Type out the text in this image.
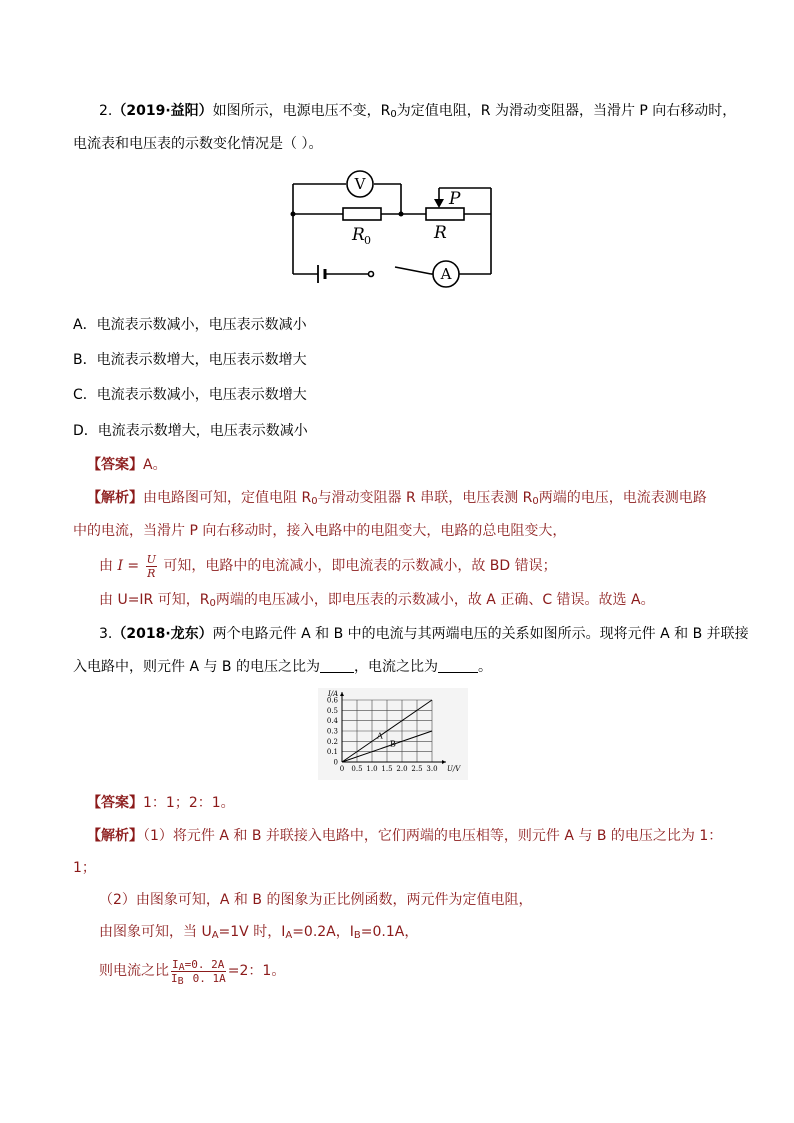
2.（2019·益阳）如图所示，电源电压不变，$R_0$为定值电阻，R 为滑动变阻器，当滑片 P 向右移动时，
电流表和电压表的示数变化情况是（ ）。
V
A
P
R 0	R
A．电流表示数减小，电压表示数减小
B．电流表示数增大，电压表示数增大
C．电流表示数减小，电压表示数增大
D．电流表示数增大，电压表示数减小
【答案】A。
【解析】由电路图可知，定值电阻 $R_0$与滑动变阻器 R 串联，电压表测 $R_0$两端的电压，电流表测电路
中的电流，当滑片 P 向右移动时，接入电路中的电阻变大，电路的总电阻变大，
由 $I = \frac{U}{R}$ 可知，电路中的电流减小，即电流表的示数减小，故 BD 错误；
由 U=IR 可知，$R_0$两端的电压减小，即电压表的示数减小，故 A 正确、C 错误。故选 A。
3.（2018·龙东）两个电路元件 A 和 B 中的电流与其两端电压的关系如图所示。现将元件 A 和 B 并联接
入电路中，则元件 A 与 B 的电压之比为 ，电流之比为	。
0 0.5 1.0 1.5 2.0 2.5 3.0
0.1
0.2
0.3
0.4
0.5
0.6
0
I/A
U/V
A
B
【答案】1：1；2：1。
【解析】（1）将元件 A 和 B 并联接入电路中，它们两端的电压相等，则元件 A 与 B 的电压之比为 1：
1；
（2）由图象可知，A 和 B 的图象为正比例函数，两元件为定值电阻，
由图象可知，当 $U_A=1V$ 时，$I_A=0.2A$，$I_B=0.1A$，
则电流之比 $\frac{I_A=0. 2A}{I_B 0. 1A} =2$：1。
